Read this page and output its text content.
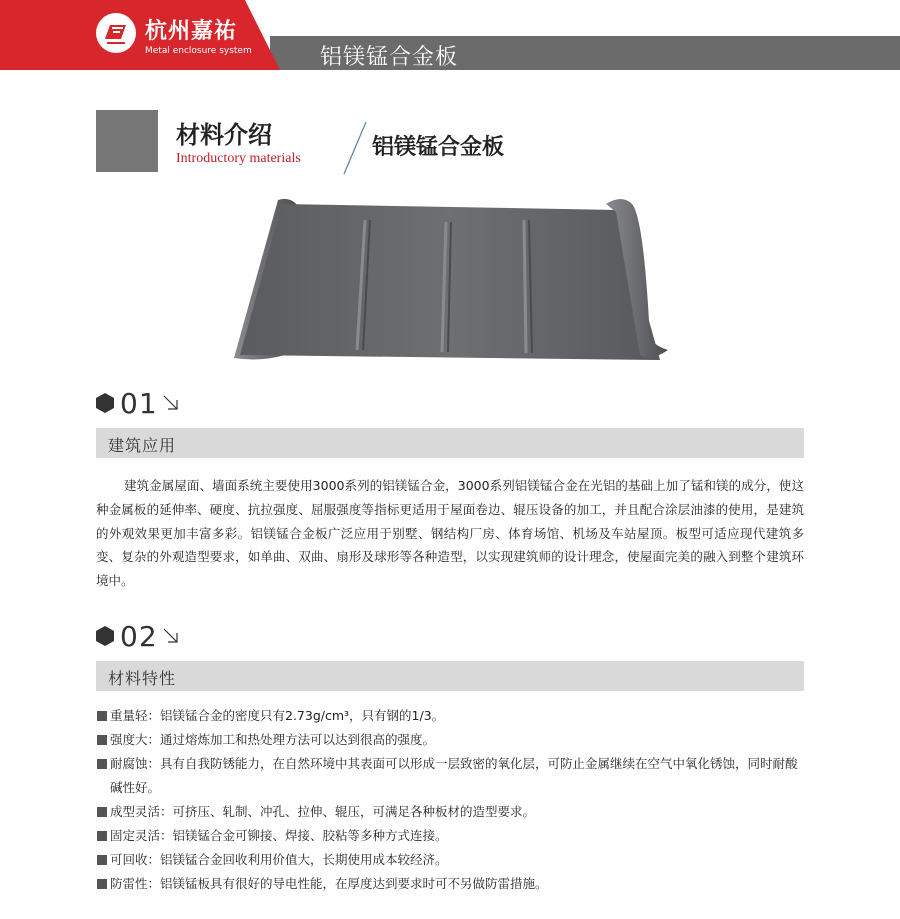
杭州嘉祐
Metal enclosure system	铝镁锰合金板
材料介绍
Introductory materials	铝镁锰合金板
01
建筑应用

建筑金属屋面、墙面系统主要使用3000系列的铝镁锰合金，3000系列铝镁锰合金在光铝的基础上加了锰和镁的成分，使这种金属板的延伸率、硬度、抗拉强度、屈服强度等指标更适用于屋面卷边、辊压设备的加工，并且配合涂层油漆的使用，是建筑的外观效果更加丰富多彩。铝镁锰合金板广泛应用于别墅、钢结构厂房、体育场馆、机场及车站屋顶。板型可适应现代建筑多变、复杂的外观造型要求，如单曲、双曲、扇形及球形等各种造型，以实现建筑师的设计理念，使屋面完美的融入到整个建筑环境中。

02
材料特性
重量轻：铝镁锰合金的密度只有2.73g/cm³，只有钢的1/3。
强度大：通过熔炼加工和热处理方法可以达到很高的强度。
耐腐蚀：具有自我防锈能力，在自然环境中其表面可以形成一层致密的氧化层，可防止金属继续在空气中氧化锈蚀，同时耐酸碱性好。
成型灵活：可挤压、轧制、冲孔、拉伸、辊压，可满足各种板材的造型要求。
固定灵活：铝镁锰合金可铆接、焊接、胶粘等多种方式连接。
可回收：铝镁锰合金回收利用价值大，长期使用成本较经济。
防雷性：铝镁锰板具有很好的导电性能，在厚度达到要求时可不另做防雷措施。
